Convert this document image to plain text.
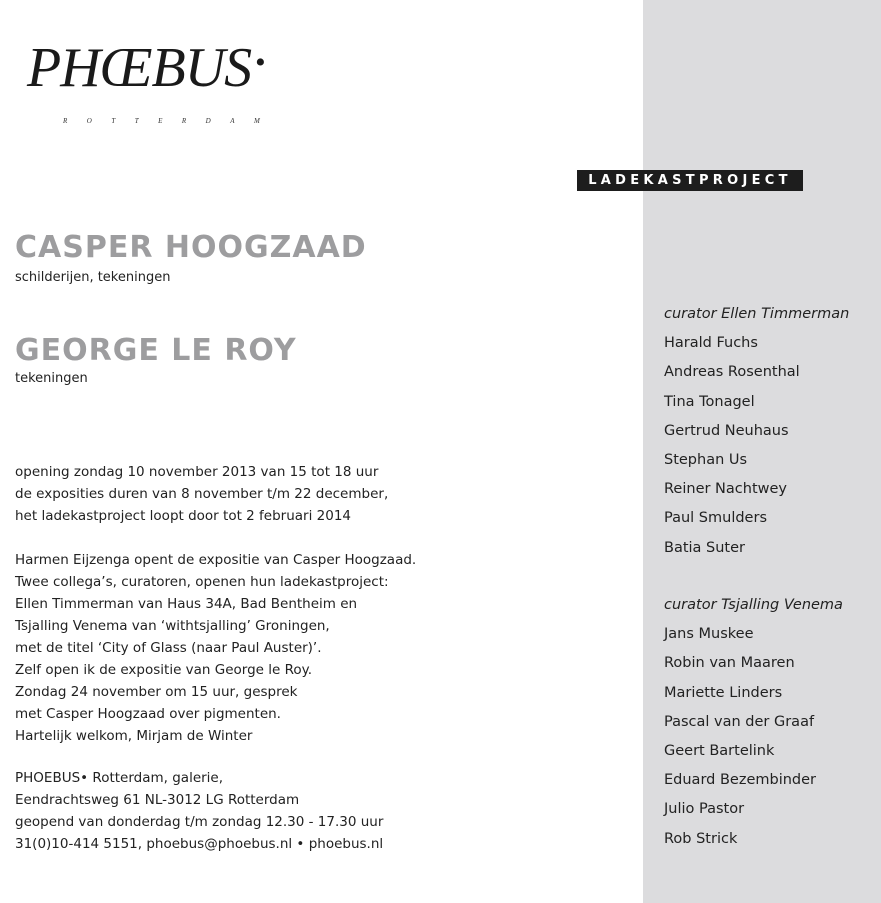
PHŒBUS •
ROTTERDAM
LADEKASTPROJECT
CASPER HOOGZAAD
schilderijen, tekeningen
GEORGE LE ROY
tekeningen
opening zondag 10 november 2013 van 15 tot 18 uur
de exposities duren van 8 november t/m 22 december,
het ladekastproject loopt door tot 2 februari 2014
Harmen Eijzenga opent de expositie van Casper Hoogzaad.
Twee collega’s, curatoren, openen hun ladekastproject:
Ellen Timmerman van Haus 34A, Bad Bentheim en
Tsjalling Venema van ‘withtsjalling’ Groningen,
met de titel ‘City of Glass (naar Paul Auster)’.
Zelf open ik de expositie van George le Roy.
Zondag 24 november om 15 uur, gesprek
met Casper Hoogzaad over pigmenten.
Hartelijk welkom, Mirjam de Winter
PHOEBUS• Rotterdam, galerie,
Eendrachtsweg 61 NL-3012 LG Rotterdam
geopend van donderdag t/m zondag 12.30 - 17.30 uur
31(0)10-414 5151, phoebus@phoebus.nl • phoebus.nl
curator Ellen Timmerman
Harald Fuchs
Andreas Rosenthal
Tina Tonagel
Gertrud Neuhaus
Stephan Us
Reiner Nachtwey
Paul Smulders
Batia Suter
curator Tsjalling Venema
Jans Muskee
Robin van Maaren
Mariette Linders
Pascal van der Graaf
Geert Bartelink
Eduard Bezembinder
Julio Pastor
Rob Strick
